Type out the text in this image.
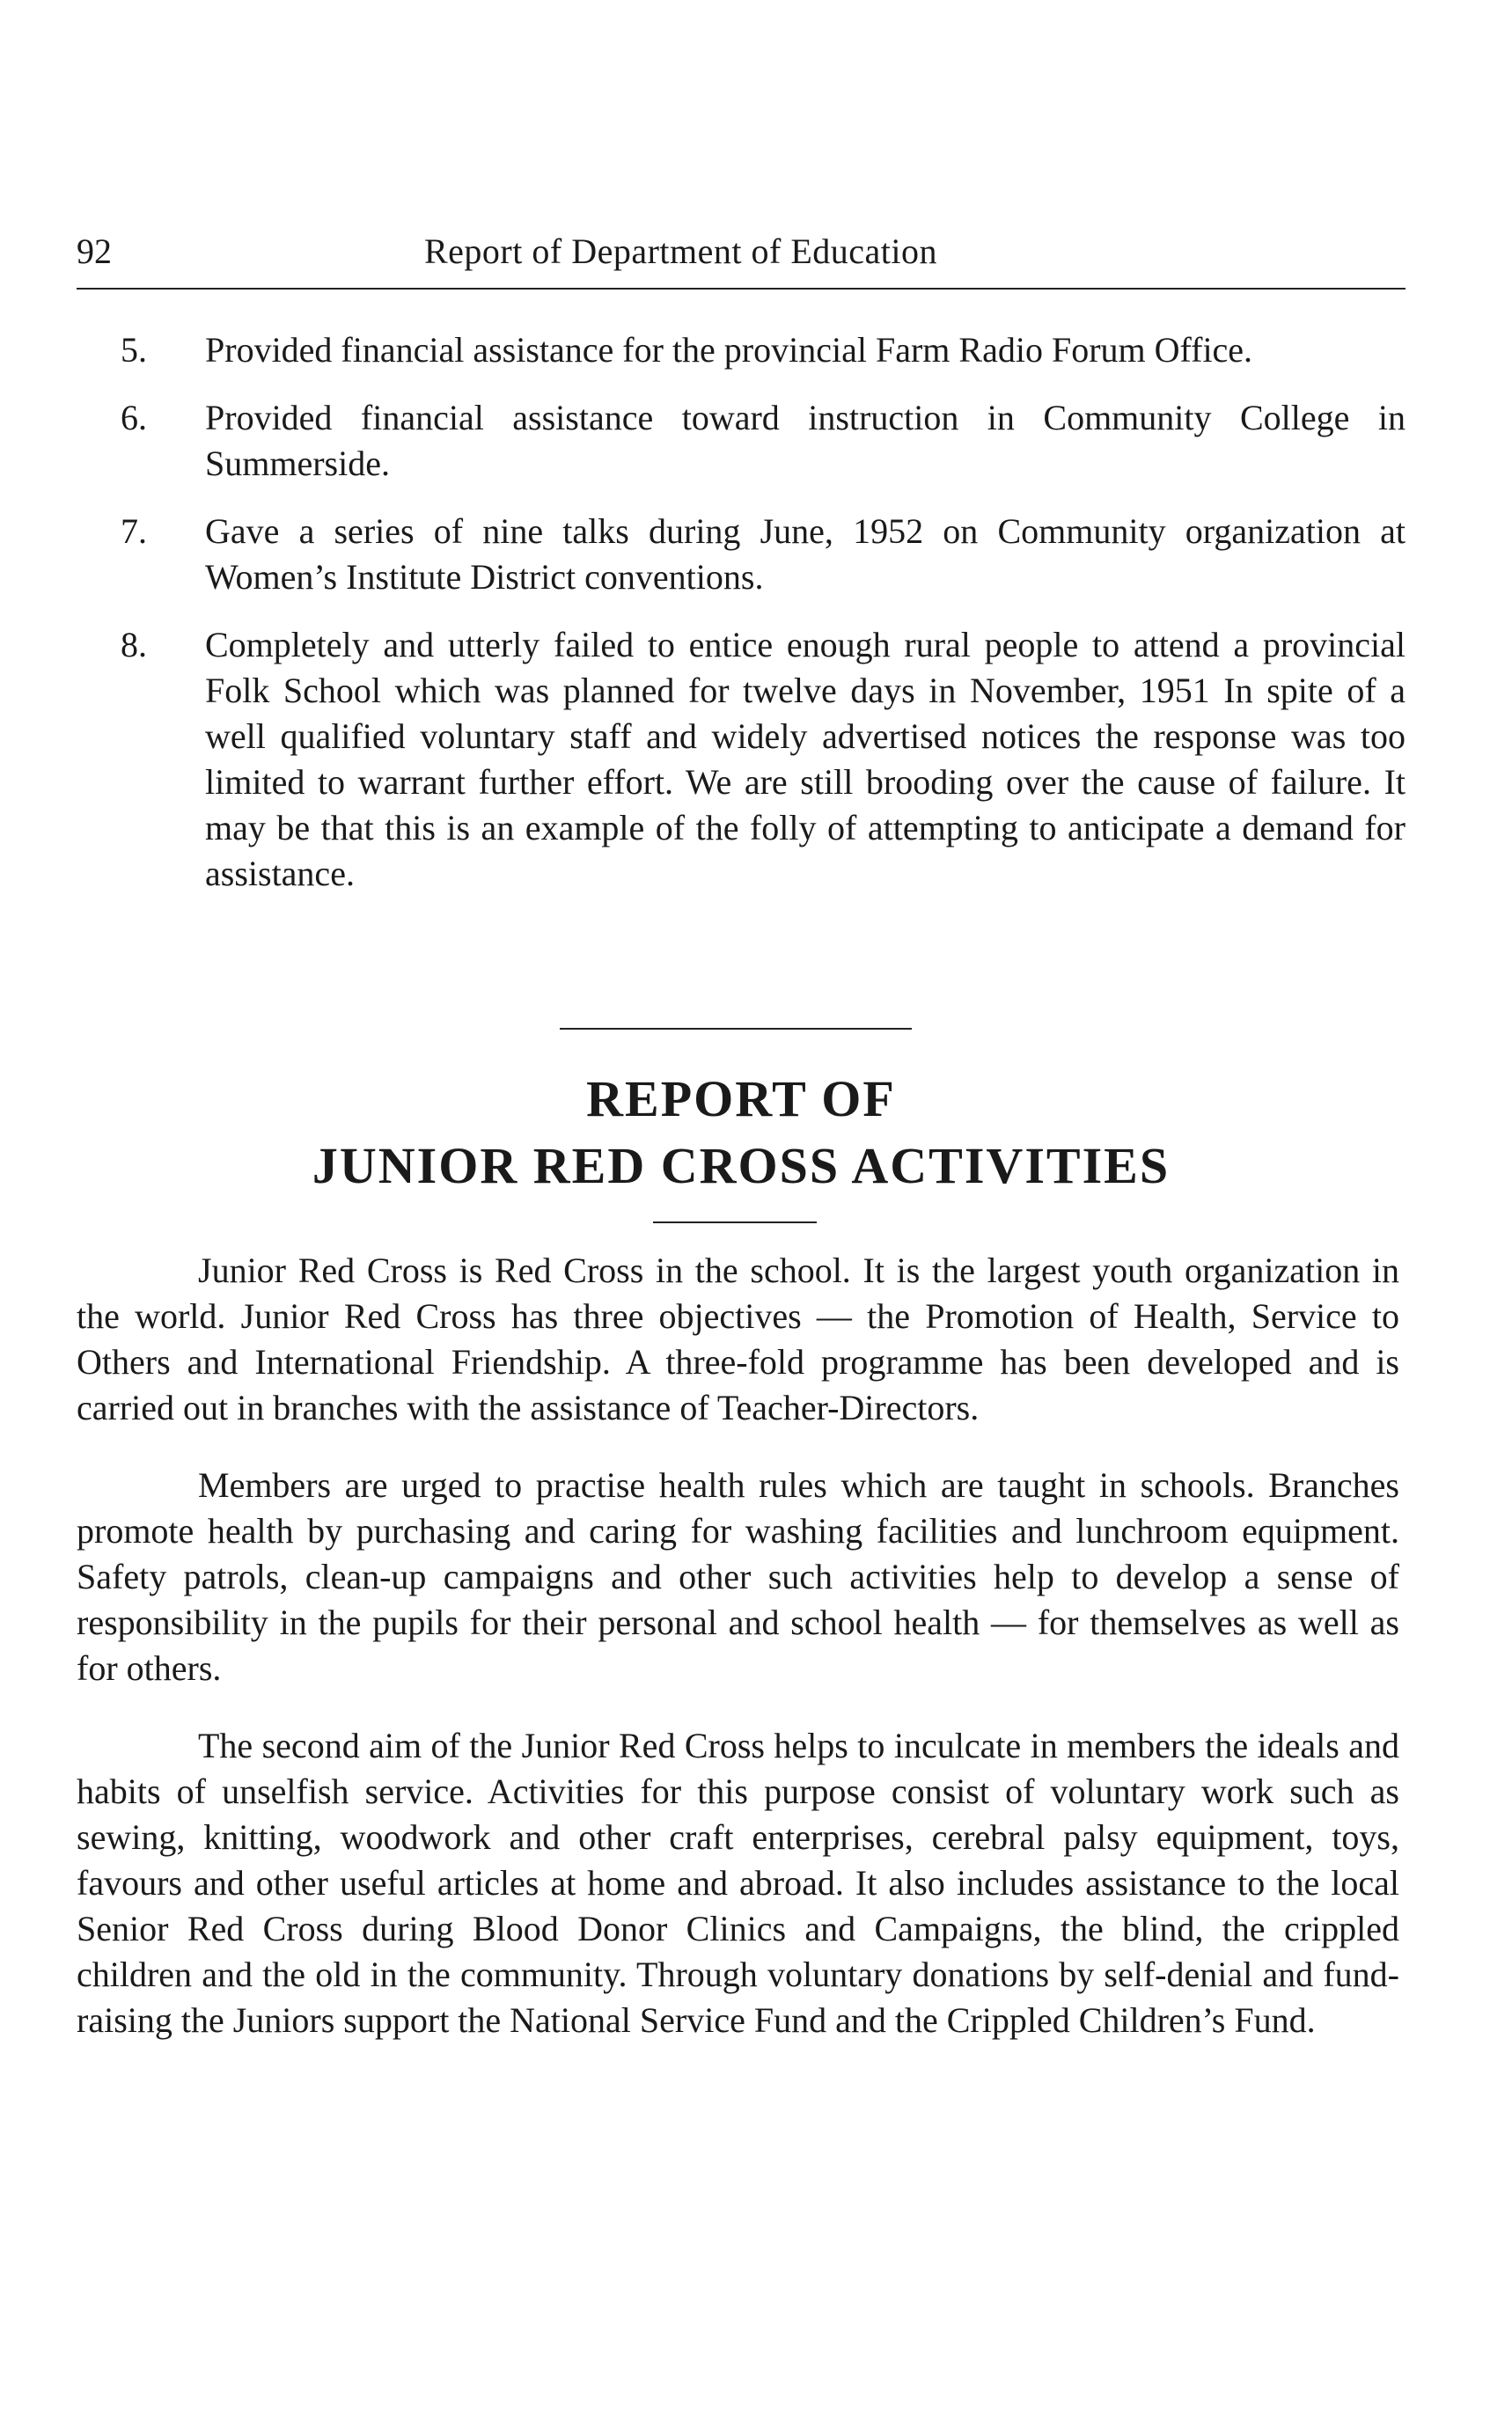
92	Report of Department of Education
5. Provided financial assistance for the provincial Farm Radio Forum Office.
6. Provided financial assistance toward instruction in Community College in Summerside.
7. Gave a series of nine talks during June, 1952 on Community organization at Women’s Institute District conventions.
8. Completely and utterly failed to entice enough rural people to attend a provincial Folk School which was planned for twelve days in November, 1951 In spite of a well qualified voluntary staff and widely advertised notices the response was too limited to warrant further effort. We are still brooding over the cause of failure. It may be that this is an example of the folly of attempting to anticipate a demand for assistance.
REPORT OF
JUNIOR RED CROSS ACTIVITIES

Junior Red Cross is Red Cross in the school. It is the largest youth organization in the world. Junior Red Cross has three objectives — the Promotion of Health, Service to Others and International Friendship. A three-fold programme has been developed and is carried out in branches with the assistance of Teacher-Directors.

Members are urged to practise health rules which are taught in schools. Branches promote health by purchasing and caring for washing facilities and lunchroom equipment. Safety patrols, clean-up campaigns and other such activities help to develop a sense of responsibility in the pupils for their personal and school health — for themselves as well as for others.

The second aim of the Junior Red Cross helps to inculcate in members the ideals and habits of unselfish service. Activities for this purpose consist of voluntary work such as sewing, knitting, woodwork and other craft enterprises, cerebral palsy equipment, toys, favours and other useful articles at home and abroad. It also includes assistance to the local Senior Red Cross during Blood Donor Clinics and Campaigns, the blind, the crippled children and the old in the community. Through voluntary donations by self-denial and fund-raising the Juniors support the National Service Fund and the Crippled Children’s Fund.
